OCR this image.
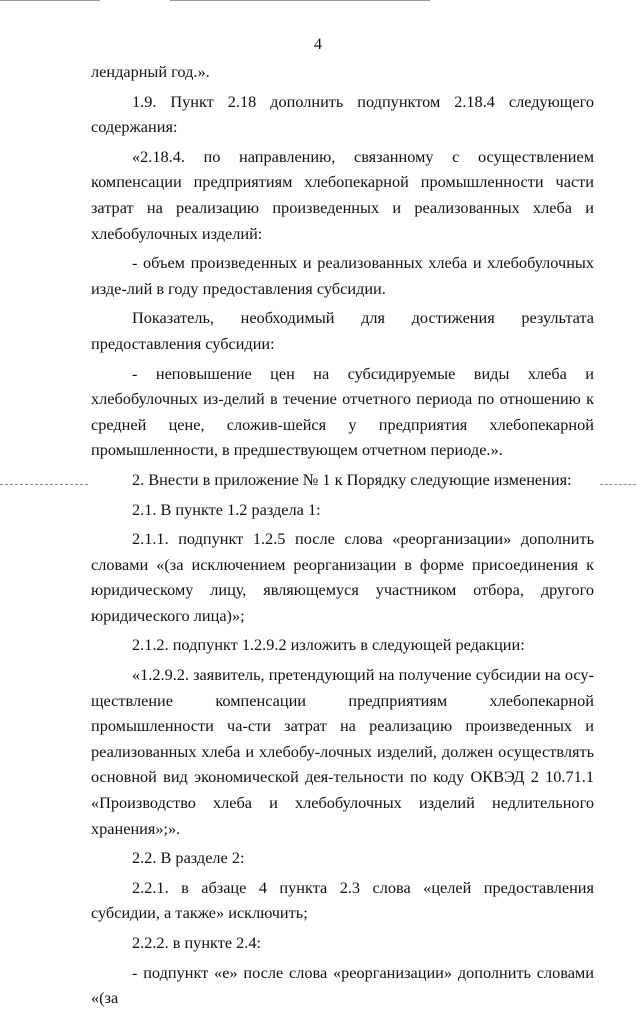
4

лендарный год.».

1.9. Пункт 2.18 дополнить подпунктом 2.18.4 следующего содержания:

«2.18.4. по направлению, связанному с осуществлением компенсации предприятиям хлебопекарной промышленности части затрат на реализацию произведенных и реализованных хлеба и хлебобулочных изделий:

- объем произведенных и реализованных хлеба и хлебобулочных изде-лий в году предоставления субсидии.

Показатель, необходимый для достижения результата предоставления субсидии:

- неповышение цен на субсидируемые виды хлеба и хлебобулочных из-делий в течение отчетного периода по отношению к средней цене, сложив-шейся у предприятия хлебопекарной промышленности, в предшествующем отчетном периоде.».

2. Внести в приложение № 1 к Порядку следующие изменения:

2.1. В пункте 1.2 раздела 1:

2.1.1. подпункт 1.2.5 после слова «реорганизации» дополнить словами «(за исключением реорганизации в форме присоединения к юридическому лицу, являющемуся участником отбора, другого юридического лица)»;

2.1.2. подпункт 1.2.9.2 изложить в следующей редакции:

«1.2.9.2. заявитель, претендующий на получение субсидии на осу-ществление компенсации предприятиям хлебопекарной промышленности ча-сти затрат на реализацию произведенных и реализованных хлеба и хлебобу-лочных изделий, должен осуществлять основной вид экономической дея-тельности по коду ОКВЭД 2 10.71.1 «Производство хлеба и хлебобулочных изделий недлительного хранения»;».

2.2. В разделе 2:

2.2.1. в абзаце 4 пункта 2.3 слова «целей предоставления субсидии, а также» исключить;

2.2.2. в пункте 2.4:

- подпункт «е» после слова «реорганизации» дополнить словами «(за
